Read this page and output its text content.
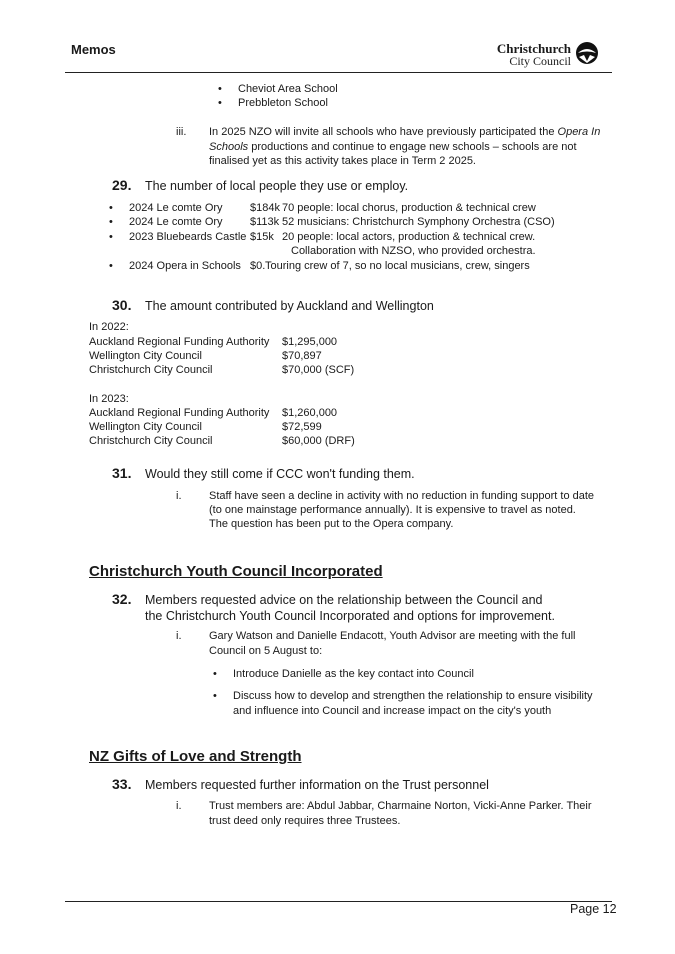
Memos	Christchurch
City Council
• Cheviot Area School
• Prebbleton School
iii. In 2025 NZO will invite all schools who have previously participated the Opera In Schools productions and continue to engage new schools – schools are not finalised yet as this activity takes place in Term 2 2025.
29. The number of local people they use or employ.
• 2024 Le comte Ory $184k 70 people: local chorus, production & technical crew
• 2024 Le comte Ory $113k 52 musicians: Christchurch Symphony Orchestra (CSO)
• 2023 Bluebeards Castle $15k 20 people: local actors, production & technical crew.
Collaboration with NZSO, who provided orchestra.
• 2024 Opera in Schools $0. Touring crew of 7, so no local musicians, crew, singers
30. The amount contributed by Auckland and Wellington
In 2022:
Auckland Regional Funding Authority $1,295,000
Wellington City Council	$70,897
Christchurch City Council	$70,000 (SCF)
In 2023:
Auckland Regional Funding Authority $1,260,000
Wellington City Council	$72,599
Christchurch City Council	$60,000 (DRF)
31. Would they still come if CCC won't funding them.
i.	Staff have seen a decline in activity with no reduction in funding support to date
(to one mainstage performance annually). It is expensive to travel as noted.
The question has been put to the Opera company.
Christchurch Youth Council Incorporated
32. Members requested advice on the relationship between the Council and the Christchurch Youth Council Incorporated and options for improvement.
i.	Gary Watson and Danielle Endacott, Youth Advisor are meeting with the full Council on 5 August to:
• Introduce Danielle as the key contact into Council
• Discuss how to develop and strengthen the relationship to ensure visibility and influence into Council and increase impact on the city's youth
NZ Gifts of Love and Strength
33. Members requested further information on the Trust personnel
i.	Trust members are: Abdul Jabbar, Charmaine Norton, Vicki-Anne Parker. Their trust deed only requires three Trustees.
Page 12
